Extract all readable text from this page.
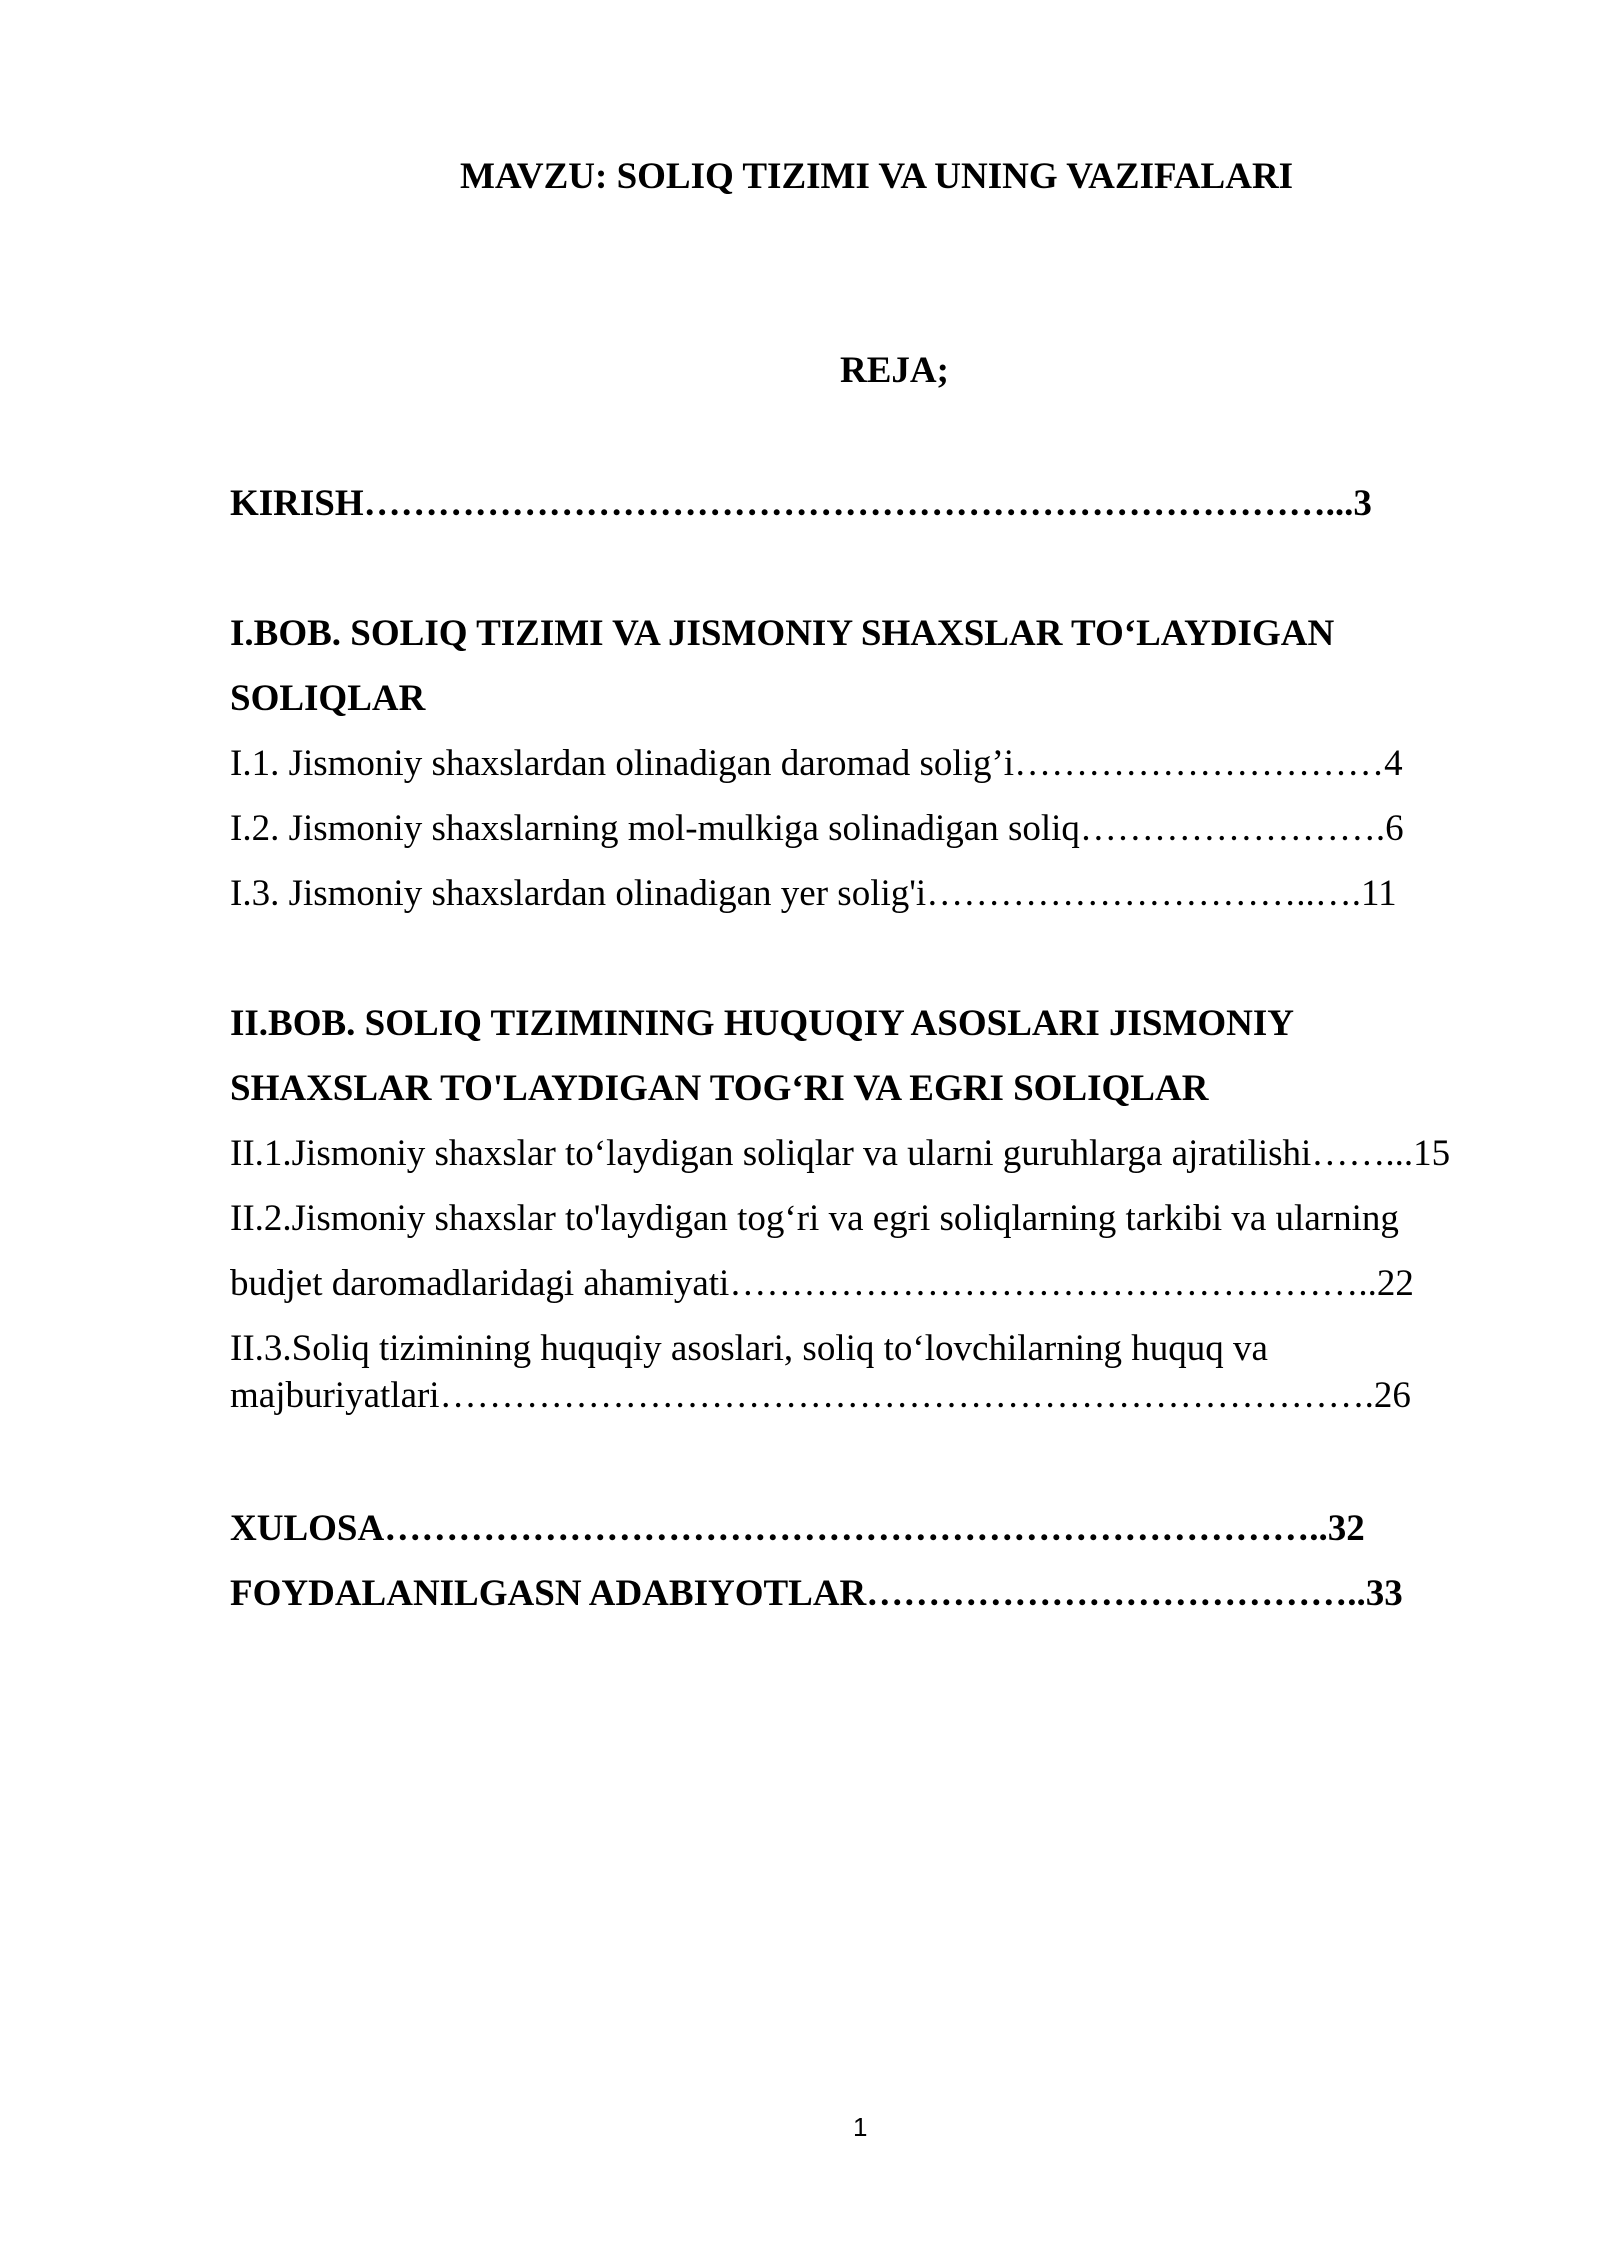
MAVZU: SOLIQ TIZIMI VA UNING VAZIFALARI
REJA;
KIRISH……………………………………………………………………...3
I.BOB. SOLIQ TIZIMI VA JISMONIY SHAXSLAR TO‘LAYDIGAN
SOLIQLAR
I.1. Jismoniy shaxslardan olinadigan daromad solig’i…………………………4
I.2. Jismoniy shaxslarning mol-mulkiga solinadigan soliq…………………….6
I.3. Jismoniy shaxslardan olinadigan yer solig'i…………………………..….11
II.BOB. SOLIQ TIZIMINING HUQUQIY ASOSLARI JISMONIY
SHAXSLAR TO'LAYDIGAN TOG‘RI VA EGRI SOLIQLAR
II.1.Jismoniy shaxslar to‘laydigan soliqlar va ularni guruhlarga ajratilishi……...15
II.2.Jismoniy shaxslar to'laydigan tog‘ri va egri soliqlarning tarkibi va ularning
budjet daromadlaridagi ahamiyati……………………………………………..22
II.3.Soliq tizimining huquqiy asoslari, soliq to‘lovchilarning huquq va
majburiyatlari………………………………………………………………….26
XULOSA…………………………………………………………………..32
FOYDALANILGASN ADABIYOTLAR…………………………………..33
1
